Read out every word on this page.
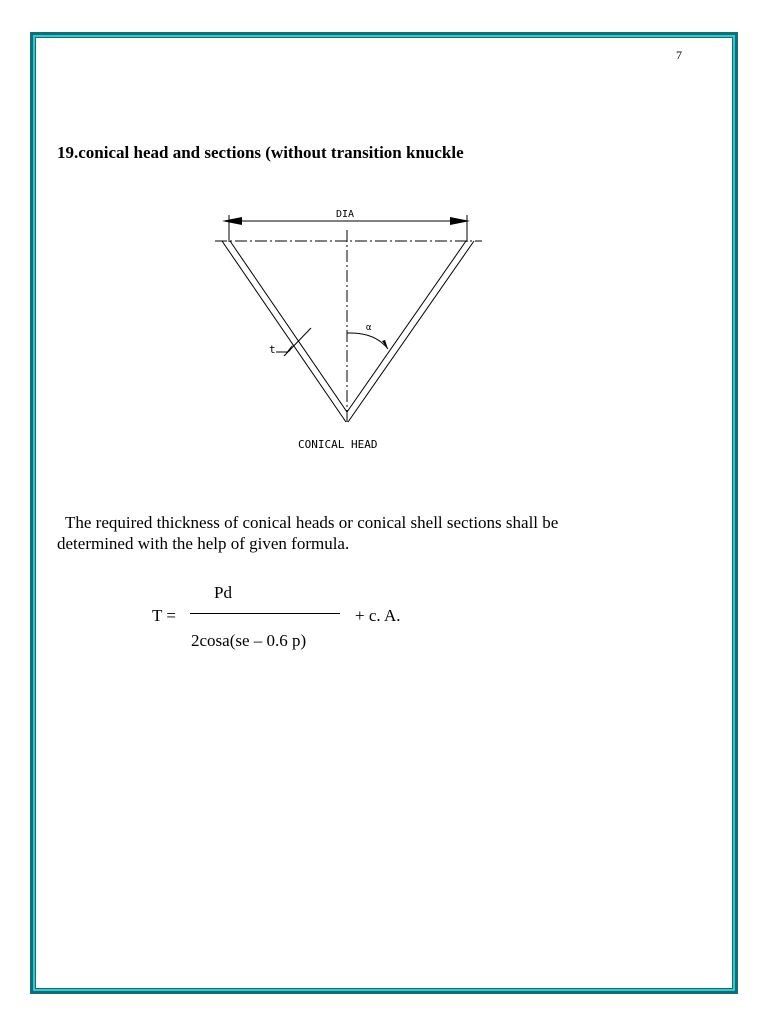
7
19.conical head and sections (without transition knuckle
DIA
t
α
CONICAL HEAD
The required thickness of conical heads or conical shell sections shall be
determined with the help of given formula.
T =
Pd
2cosa(se – 0.6 p)
+ c. A.
